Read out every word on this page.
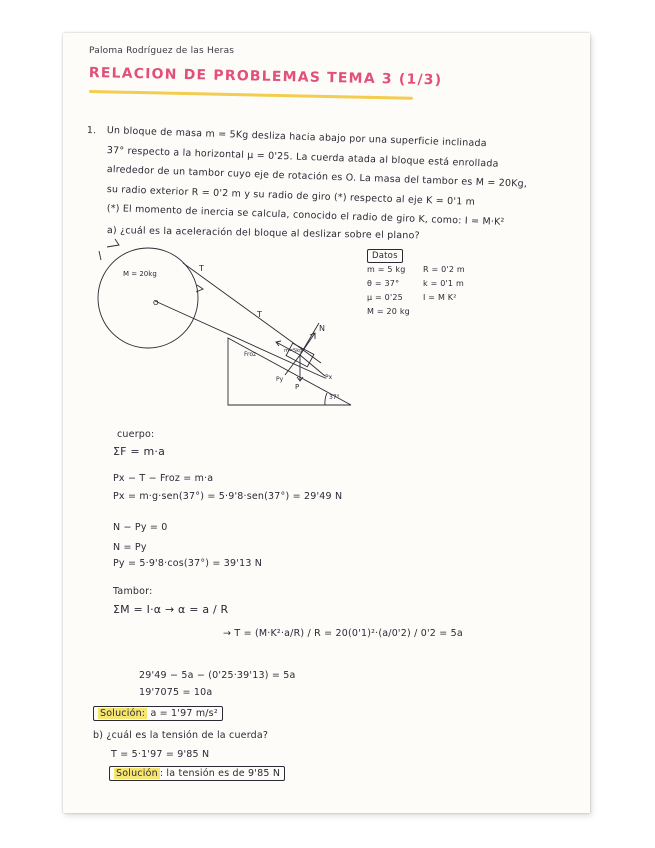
Paloma Rodríguez de las Heras
RELACION DE PROBLEMAS TEMA 3 (1/3)
1. Un bloque de masa m = 5Kg desliza hacia abajo por una superficie inclinada
37° respecto a la horizontal μ = 0'25. La cuerda atada al bloque está enrollada
alrededor de un tambor cuyo eje de rotación es O. La masa del tambor es M = 20Kg,
su radio exterior R = 0'2 m y su radio de giro (*) respecto al eje K = 0'1 m
(*) El momento de inercia se calcula, conocido el radio de giro K, como: I = M·K²
a) ¿cuál es la aceleración del bloque al deslizar sobre el plano?
M = 20kg
O
T
T
N
Froz	m=5kg
P
Px
Py
37°
Datos
m = 5 kg
θ = 37°
μ = 0'25
M = 20 kg
R = 0'2 m
k = 0'1 m
I = M K²
cuerpo:
ΣF = m·a
Px − T − Froz = m·a
Px = m·g·sen(37°) = 5·9'8·sen(37°) = 29'49 N
N − Py = 0
N = Py
Py = 5·9'8·cos(37°) = 39'13 N
Tambor:
ΣM = I·α → α = a / R
→ T = (M·K²·a/R) / R = 20(0'1)²·(a/0'2) / 0'2 = 5a
29'49 − 5a − (0'25·39'13) = 5a
19'7075 = 10a
Solución: a = 1'97 m/s²
b) ¿cuál es la tensión de la cuerda?
T = 5·1'97 = 9'85 N
Solución : la tensión es de 9'85 N
